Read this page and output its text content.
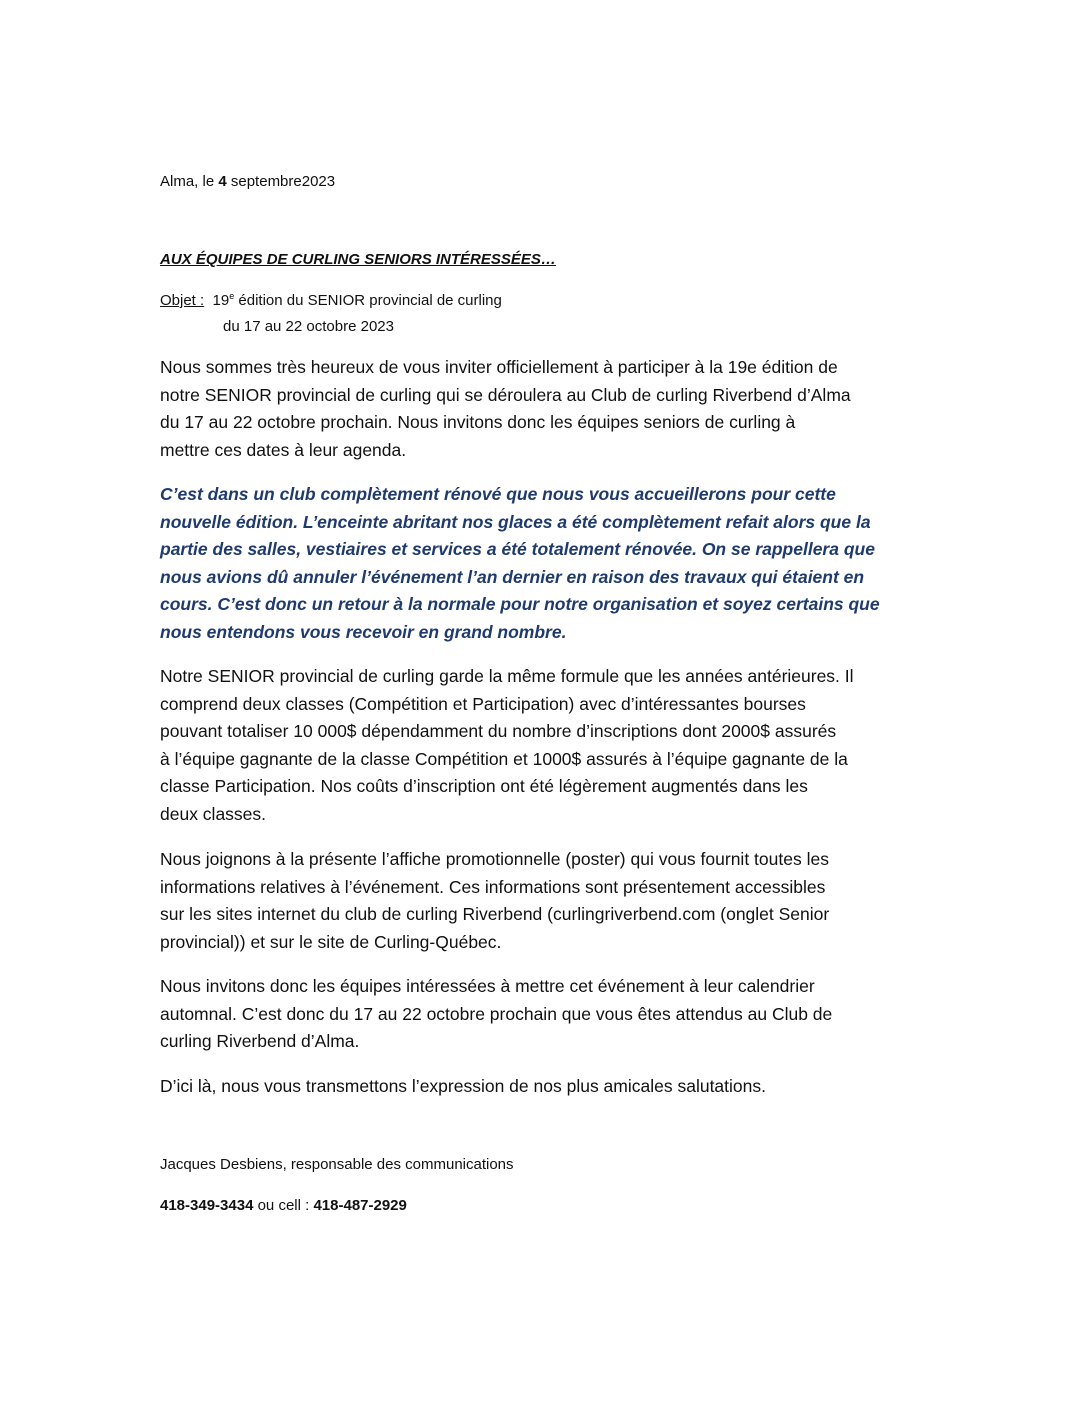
Alma, le 4 septembre2023

AUX ÉQUIPES DE CURLING SENIORS INTÉRESSÉES…

Objet : 19e édition du SENIOR provincial de curling

du 17 au 22 octobre 2023

Nous sommes très heureux de vous inviter officiellement à participer à la 19e édition de
notre SENIOR provincial de curling qui se déroulera au Club de curling Riverbend d’Alma
du 17 au 22 octobre prochain. Nous invitons donc les équipes seniors de curling à
mettre ces dates à leur agenda.
C’est dans un club complètement rénové que nous vous accueillerons pour cette
nouvelle édition. L’enceinte abritant nos glaces a été complètement refait alors que la
partie des salles, vestiaires et services a été totalement rénovée. On se rappellera que
nous avions dû annuler l’événement l’an dernier en raison des travaux qui étaient en
cours. C’est donc un retour à la normale pour notre organisation et soyez certains que
nous entendons vous recevoir en grand nombre.
Notre SENIOR provincial de curling garde la même formule que les années antérieures. Il
comprend deux classes (Compétition et Participation) avec d’intéressantes bourses
pouvant totaliser 10 000$ dépendamment du nombre d’inscriptions dont 2000$ assurés
à l’équipe gagnante de la classe Compétition et 1000$ assurés à l’équipe gagnante de la
classe Participation. Nos coûts d’inscription ont été légèrement augmentés dans les
deux classes.
Nous joignons à la présente l’affiche promotionnelle (poster) qui vous fournit toutes les
informations relatives à l’événement. Ces informations sont présentement accessibles
sur les sites internet du club de curling Riverbend (curlingriverbend.com (onglet Senior
provincial)) et sur le site de Curling-Québec.
Nous invitons donc les équipes intéressées à mettre cet événement à leur calendrier
automnal. C’est donc du 17 au 22 octobre prochain que vous êtes attendus au Club de
curling Riverbend d’Alma.
D’ici là, nous vous transmettons l’expression de nos plus amicales salutations.

Jacques Desbiens, responsable des communications

418-349-3434 ou cell : 418-487-2929
